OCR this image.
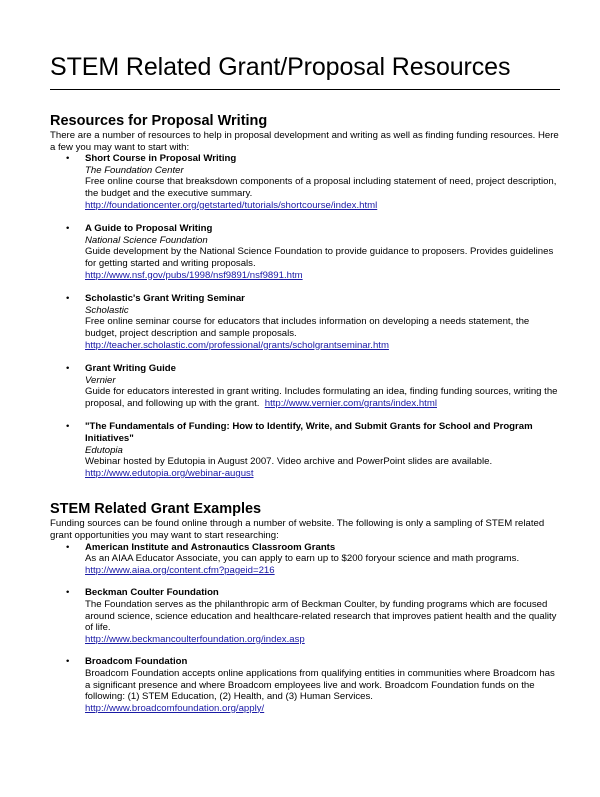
STEM Related Grant/Proposal Resources
Resources for Proposal Writing

There are a number of resources to help in proposal development and writing as well as finding funding resources. Here a few you may want to start with:

• Short Course in Proposal Writing
The Foundation Center
Free online course that breaksdown components of a proposal including statement of need, project description, the budget and the executive summary.
http://foundationcenter.org/getstarted/tutorials/shortcourse/index.html
• A Guide to Proposal Writing
National Science Foundation
Guide development by the National Science Foundation to provide guidance to proposers. Provides guidelines for getting started and writing proposals.
http://www.nsf.gov/pubs/1998/nsf9891/nsf9891.htm
• Scholastic's Grant Writing Seminar
Scholastic
Free online seminar course for educators that includes information on developing a needs statement, the budget, project description and sample proposals.
http://teacher.scholastic.com/professional/grants/scholgrantseminar.htm
• Grant Writing Guide
Vernier
Guide for educators interested in grant writing. Includes formulating an idea, finding funding sources, writing the proposal, and following up with the grant. http://www.vernier.com/grants/index.html
• "The Fundamentals of Funding: How to Identify, Write, and Submit Grants for School and Program Initiatives"
Edutopia
Webinar hosted by Edutopia in August 2007. Video archive and PowerPoint slides are available.
http://www.edutopia.org/webinar-august
STEM Related Grant Examples

Funding sources can be found online through a number of website. The following is only a sampling of STEM related grant opportunities you may want to start researching:

• American Institute and Astronautics Classroom Grants
As an AIAA Educator Associate, you can apply to earn up to $200 foryour science and math programs.
http://www.aiaa.org/content.cfm?pageid=216
• Beckman Coulter Foundation
The Foundation serves as the philanthropic arm of Beckman Coulter, by funding programs which are focused around science, science education and healthcare-related research that improves patient health and the quality of life.
http://www.beckmancoulterfoundation.org/index.asp
• Broadcom Foundation
Broadcom Foundation accepts online applications from qualifying entities in communities where Broadcom has a significant presence and where Broadcom employees live and work. Broadcom Foundation funds on the following: (1) STEM Education, (2) Health, and (3) Human Services.
http://www.broadcomfoundation.org/apply/
